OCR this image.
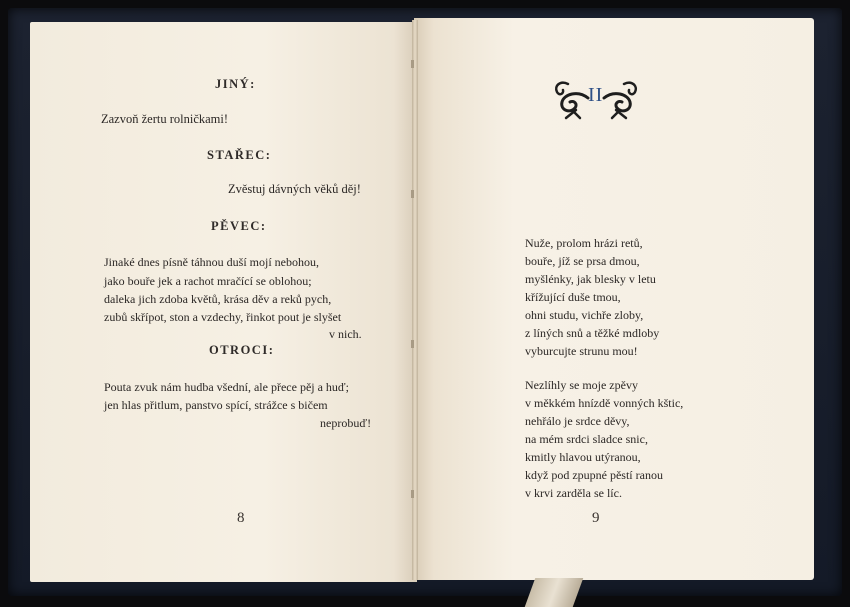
JINÝ:
Zazvoň žertu rolničkami!
STAŘEC:
Zvěstuj dávných věků děj!
PĚVEC:
Jinaké dnes písně táhnou duší mojí nebohou,
jako bouře jek a rachot mračící se oblohou;
daleka jich zdoba květů, krása děv a reků pych,
zubů skřípot, ston a vzdechy, řinkot pout je slyšet
v nich.
OTROCI:
Pouta zvuk nám hudba všední, ale přece pěj a huď;
jen hlas přitlum, panstvo spící, strážce s bičem
neprobuď!
8
II
Nuže, prolom hrázi retů,
bouře, jíž se prsa dmou,
myšlénky, jak blesky v letu
křížující duše tmou,
ohni studu, vichře zloby,
z líných snů a těžké mdloby
vyburcujte strunu mou!
Nezlíhly se moje zpěvy
v měkkém hnízdě vonných kštic,
nehřálo je srdce děvy,
na mém srdci sladce snic,
kmitly hlavou utýranou,
když pod zpupné pěstí ranou
v krvi zarděla se líc.
9
